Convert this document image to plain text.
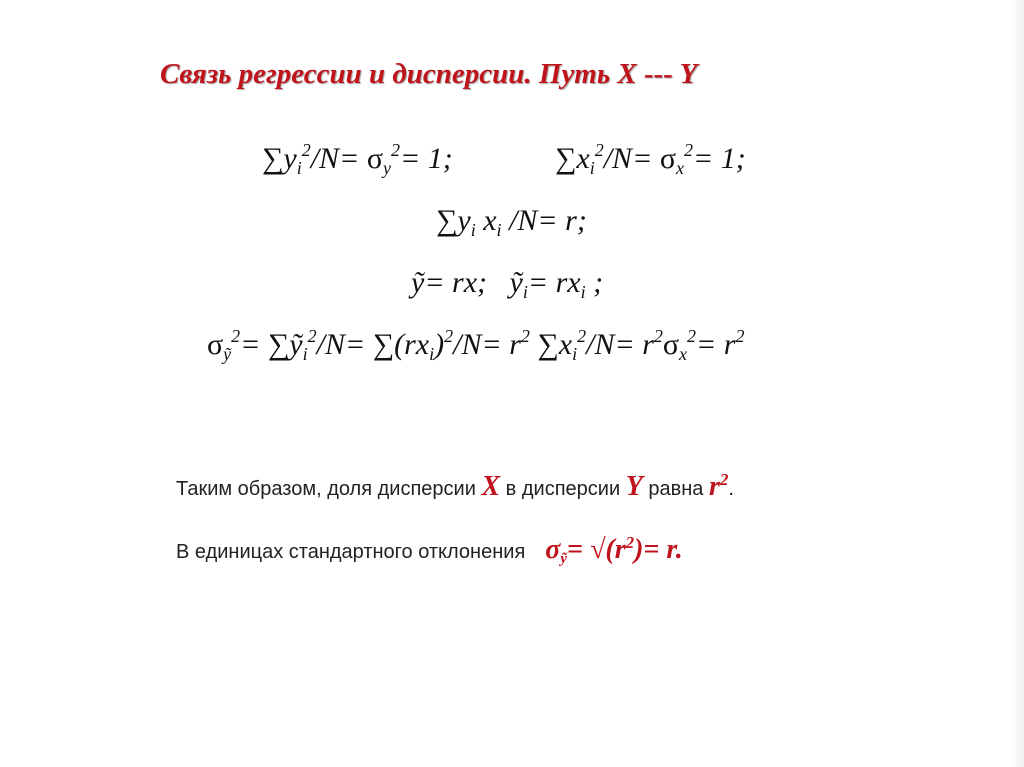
Связь регрессии и дисперсии. Путь X --- Y
$\sum y_i^2/N= \sigma_y^2= 1$;	$\sum x_i^2/N= \sigma_x^2= 1$;
$\sum y_i$ $x_i$ /N= r;
ỹ= rx;   ỹ$_i$= $rx_i$ ;
$\sigma_ỹ^2=$ ∑ỹ$_i^2$/N= $\sum(rx_i)^2/N= r^2$ $\sum x_i^2/N= r^2\sigma_x^2= r^2$
Таким образом, доля дисперсии X в дисперсии Y равна $r^2$.
В единицах стандартного отклонения $\sigma_ỹ= √(r^2)= r$.
